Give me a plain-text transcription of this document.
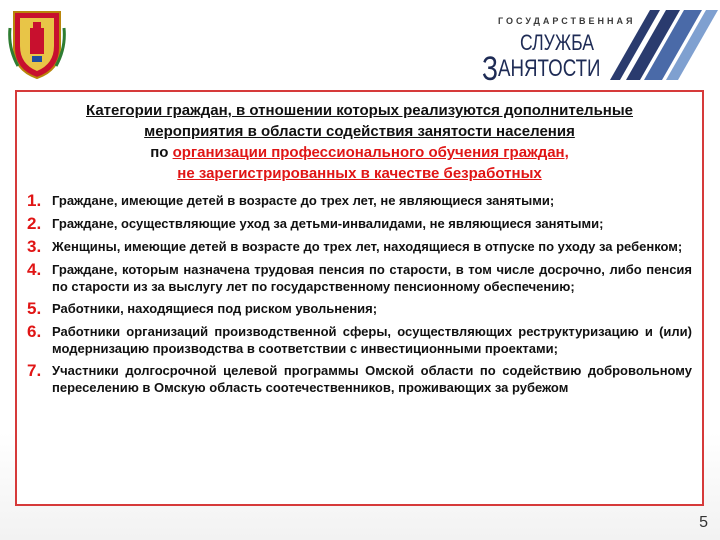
ГОСУДАРСТВЕННАЯ
СЛУЖБА
ЗАНЯТОСТИ
Категории граждан, в отношении которых реализуются дополнительные
мероприятия в области содействия занятости населения
по организации профессионального обучения граждан,
не зарегистрированных в качестве безработных
1. Граждане, имеющие детей в возрасте до трех лет, не являющиеся занятыми;
2. Граждане, осуществляющие уход за детьми-инвалидами, не являющиеся занятыми;
3. Женщины, имеющие детей в возрасте до трех лет, находящиеся в отпуске по уходу за ребенком;
4. Граждане, которым назначена трудовая пенсия по старости, в том числе досрочно, либо пенсия по старости из за выслугу лет по государственному пенсионному обеспечению;
5. Работники, находящиеся под риском увольнения;
6. Работники организаций производственной сферы, осуществляющих реструктуризацию и (или) модернизацию производства в соответствии с инвестиционными проектами;
7. Участники долгосрочной целевой программы Омской области по содействию добровольному переселению в Омскую область соотечественников, проживающих за рубежом
5
